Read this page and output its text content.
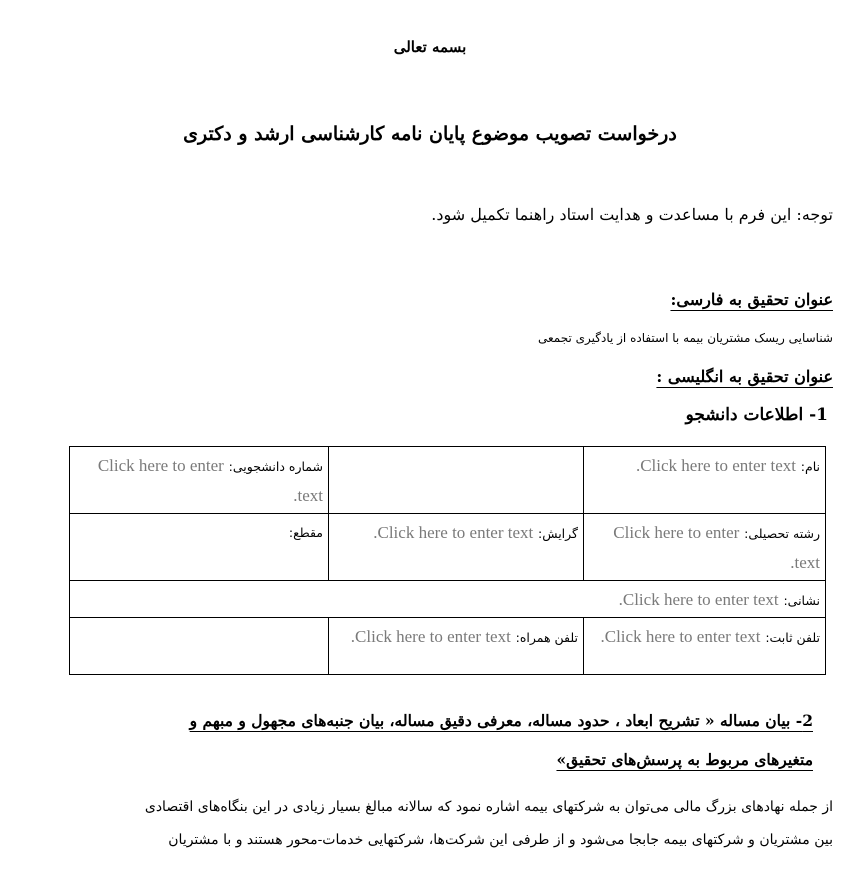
بسمه تعالی
درخواست تصویب موضوع پایان نامه کارشناسی ارشد و دکتری
توجه: این فرم با مساعدت و هدایت استاد راهنما تکمیل شود.
عنوان تحقیق به فارسی:
شناسایی ریسک مشتریان بیمه با استفاده از یادگیری تجمعی
عنوان تحقیق به انگلیسی :
1- اطلاعات دانشجو
نام: Click here to enter text.		شماره دانشجویی: Click here to enter text.
رشته تحصیلی: Click here to enter text.	گرایش: Click here to enter text.	مقطع:
نشانی: Click here to enter text.		
تلفن ثابت: Click here to enter text.	تلفن همراه: Click here to enter text.	
2- بیان مساله « تشریح ابعاد ، حدود مساله، معرفی دقیق مساله، بیان جنبه‌های مجهول و مبهم و
متغیرهای مربوط به پرسش‌های تحقیق»
از جمله نهادهای بزرگ مالی می‌توان به شرکتهای بیمه اشاره نمود که سالانه مبالغ بسیار زیادی در این بنگاه‌های اقتصادی
بین مشتریان و شرکتهای بیمه جابجا می‌شود و از طرفی این شرکت‌ها، شرکتهایی خدمات-محور هستند و با مشتریان
